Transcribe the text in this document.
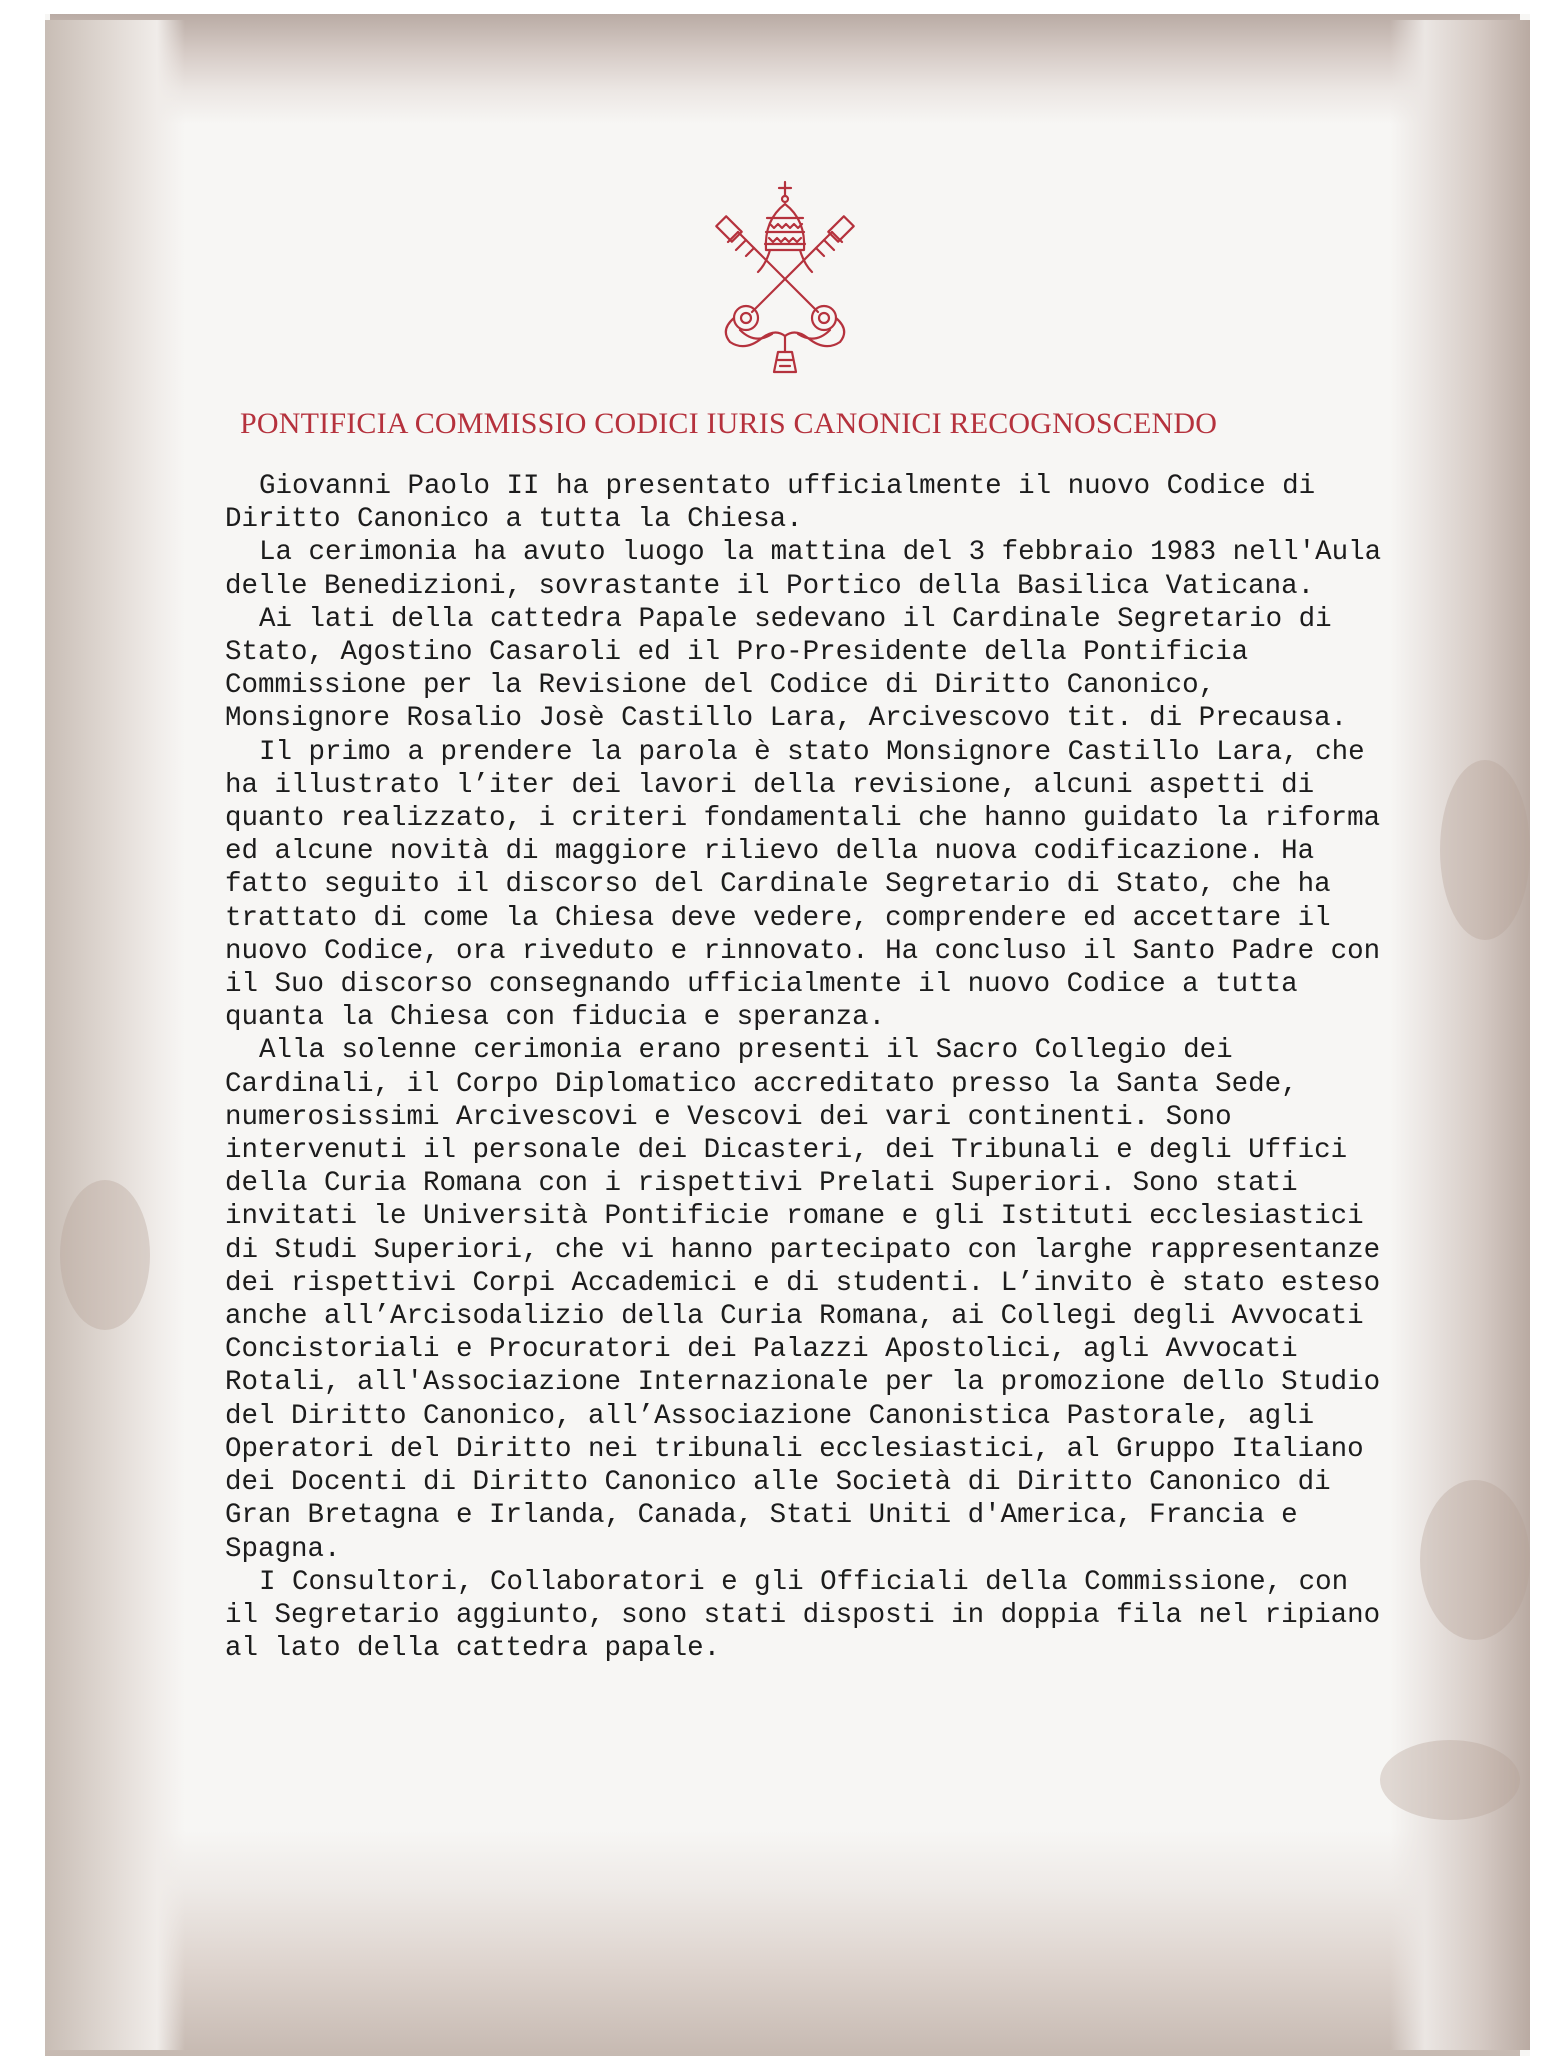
PONTIFICIA COMMISSIO CODICI IURIS CANONICI RECOGNOSCENDO

Giovanni Paolo II ha presentato ufficialmente il nuovo Codice di Diritto Canonico a tutta la Chiesa.

La cerimonia ha avuto luogo la mattina del 3 febbraio 1983 nell'Aula delle Benedizioni, sovrastante il Portico della Basilica Vaticana.

Ai lati della cattedra Papale sedevano il Cardinale Segretario di Stato, Agostino Casaroli ed il Pro-Presidente della Pontificia Commissione per la Revisione del Codice di Diritto Canonico, Monsignore Rosalio Josè Castillo Lara, Arcivescovo tit. di Precausa.

Il primo a prendere la parola è stato Monsignore Castillo Lara, che ha illustrato l’iter dei lavori della revisione, alcuni aspetti di quanto realizzato, i criteri fondamentali che hanno guidato la riforma ed alcune novità di maggiore rilievo della nuova codificazione. Ha fatto seguito il discorso del Cardinale Segretario di Stato, che ha trattato di come la Chiesa deve vedere, comprendere ed accettare il nuovo Codice, ora riveduto e rinnovato. Ha concluso il Santo Padre con il Suo discorso consegnando ufficialmente il nuovo Codice a tutta quanta la Chiesa con fiducia e speranza.

Alla solenne cerimonia erano presenti il Sacro Collegio dei Cardinali, il Corpo Diplomatico accreditato presso la Santa Sede, numerosissimi Arcivescovi e Vescovi dei vari continenti. Sono intervenuti il personale dei Dicasteri, dei Tribunali e degli Uffici della Curia Romana con i rispettivi Prelati Superiori. Sono stati invitati le Università Pontificie romane e gli Istituti ecclesiastici di Studi Superiori, che vi hanno partecipato con larghe rappresentanze dei rispettivi Corpi Accademici e di studenti. L’invito è stato esteso anche all’Arcisodalizio della Curia Romana, ai Collegi degli Avvocati Concistoriali e Procuratori dei Palazzi Apostolici, agli Avvocati Rotali, all'Associazione Internazionale per la promozione dello Studio del Diritto Canonico, all’Associazione Canonistica Pastorale, agli Operatori del Diritto nei tribunali ecclesiastici, al Gruppo Italiano dei Docenti di Diritto Canonico alle Società di Diritto Canonico di Gran Bretagna e Irlanda, Canada, Stati Uniti d'America, Francia e Spagna.

I Consultori, Collaboratori e gli Officiali della Commissione, con il Segretario aggiunto, sono stati disposti in doppia fila nel ripiano al lato della cattedra papale.
